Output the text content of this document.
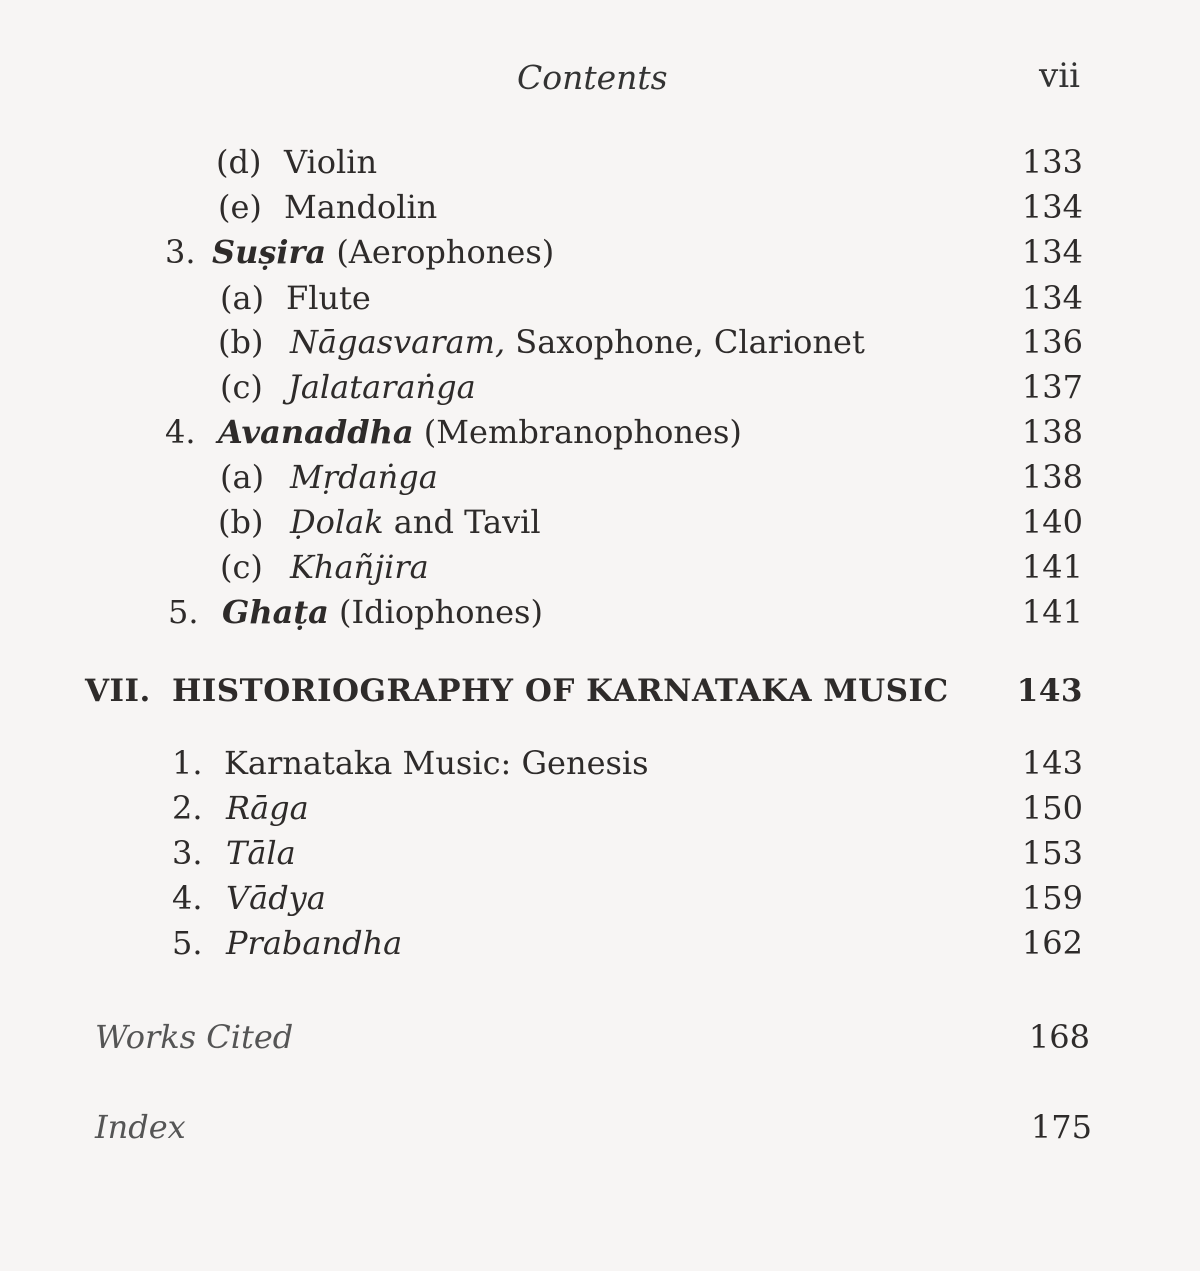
Contents	vii
(d) Violin	133
(e) Mandolin	134
3. Suṣira (Aerophones)	134
(a) Flute	134
(b) Nāgasvaram, Saxophone, Clarionet	136
(c) Jalataraṅga	137
4. Avanaddha (Membranophones)	138
(a) Mṛdaṅga	138
(b) Ḍolak and Tavil	140
(c) Khañjira	141
5. Ghaṭa (Idiophones)	141
VII. HISTORIOGRAPHY OF KARNATAKA MUSIC 143
1. Karnataka Music: Genesis	143
2. Rāga	150
3. Tāla	153
4. Vādya	159
5. Prabandha	162
Works Cited	168
Index	175
